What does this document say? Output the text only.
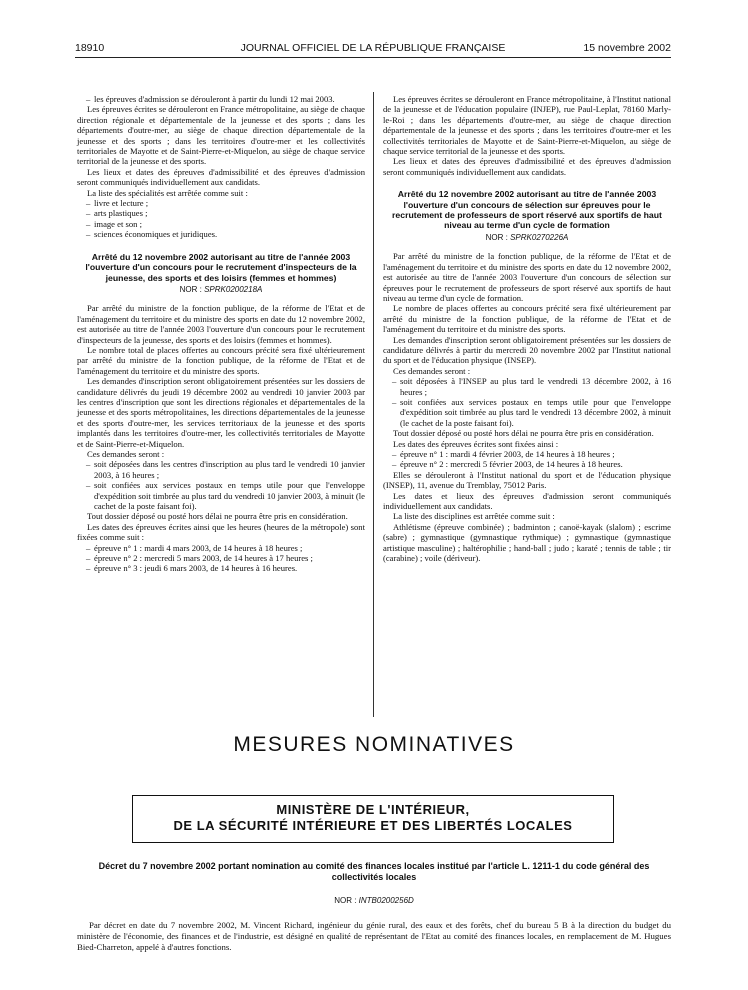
18910	JOURNAL OFFICIEL DE LA RÉPUBLIQUE FRANÇAISE	15 novembre 2002

– les épreuves d'admission se dérouleront à partir du lundi 12 mai 2003.

Les épreuves écrites se dérouleront en France métropolitaine, au siège de chaque direction régionale et départementale de la jeunesse et des sports ; dans les départements d'outre-mer, au siège de chaque direction départementale de la jeunesse et des sports ; dans les territoires d'outre-mer et les collectivités territoriales de Mayotte et de Saint-Pierre-et-Miquelon, au siège de chaque service territorial de la jeunesse et des sports.

Les lieux et dates des épreuves d'admissibilité et des épreuves d'admission seront communiqués individuellement aux candidats.

La liste des spécialités est arrêtée comme suit :

– livre et lecture ;

– arts plastiques ;

– image et son ;

– sciences économiques et juridiques.

Arrêté du 12 novembre 2002 autorisant au titre de l'année 2003 l'ouverture d'un concours pour le recrutement d'inspecteurs de la jeunesse, des sports et des loisirs (femmes et hommes)

NOR : SPRK0200218A

Par arrêté du ministre de la fonction publique, de la réforme de l'Etat et de l'aménagement du territoire et du ministre des sports en date du 12 novembre 2002, est autorisée au titre de l'année 2003 l'ouverture d'un concours pour le recrutement d'inspecteurs de la jeunesse, des sports et des loisirs (femmes et hommes).

Le nombre total de places offertes au concours précité sera fixé ultérieurement par arrêté du ministre de la fonction publique, de la réforme de l'Etat et de l'aménagement du territoire et du ministre des sports.

Les demandes d'inscription seront obligatoirement présentées sur les dossiers de candidature délivrés du jeudi 19 décembre 2002 au vendredi 10 janvier 2003 par les centres d'inscription que sont les directions régionales et départementales de la jeunesse et des sports métropolitaines, les directions départementales de la jeunesse et des sports d'outre-mer, les services territoriaux de la jeunesse et des sports implantés dans les territoires d'outre-mer, les collectivités territoriales de Mayotte et de Saint-Pierre-et-Miquelon.

Ces demandes seront :

– soit déposées dans les centres d'inscription au plus tard le vendredi 10 janvier 2003, à 16 heures ;

– soit confiées aux services postaux en temps utile pour que l'enveloppe d'expédition soit timbrée au plus tard du vendredi 10 janvier 2003, à minuit (le cachet de la poste faisant foi).

Tout dossier déposé ou posté hors délai ne pourra être pris en considération.

Les dates des épreuves écrites ainsi que les heures (heures de la métropole) sont fixées comme suit :

– épreuve n° 1 : mardi 4 mars 2003, de 14 heures à 18 heures ;

– épreuve n° 2 : mercredi 5 mars 2003, de 14 heures à 17 heures ;

– épreuve n° 3 : jeudi 6 mars 2003, de 14 heures à 16 heures.

Les épreuves écrites se dérouleront en France métropolitaine, à l'Institut national de la jeunesse et de l'éducation populaire (INJEP), rue Paul-Leplat, 78160 Marly-le-Roi ; dans les départements d'outre-mer, au siège de chaque direction départementale de la jeunesse et des sports ; dans les territoires d'outre-mer et les collectivités territoriales de Mayotte et de Saint-Pierre-et-Miquelon, au siège de chaque service territorial de la jeunesse et des sports.

Les lieux et dates des épreuves d'admissibilité et des épreuves d'admission seront communiqués individuellement aux candidats.

Arrêté du 12 novembre 2002 autorisant au titre de l'année 2003 l'ouverture d'un concours de sélection sur épreuves pour le recrutement de professeurs de sport réservé aux sportifs de haut niveau au terme d'un cycle de formation

NOR : SPRK0270226A

Par arrêté du ministre de la fonction publique, de la réforme de l'Etat et de l'aménagement du territoire et du ministre des sports en date du 12 novembre 2002, est autorisée au titre de l'année 2003 l'ouverture d'un concours de sélection sur épreuves pour le recrutement de professeurs de sport réservé aux sportifs de haut niveau au terme d'un cycle de formation.

Le nombre de places offertes au concours précité sera fixé ultérieurement par arrêté du ministre de la fonction publique, de la réforme de l'Etat et de l'aménagement du territoire et du ministre des sports.

Les demandes d'inscription seront obligatoirement présentées sur les dossiers de candidature délivrés à partir du mercredi 20 novembre 2002 par l'Institut national du sport et de l'éducation physique (INSEP).

Ces demandes seront :

– soit déposées à l'INSEP au plus tard le vendredi 13 décembre 2002, à 16 heures ;

– soit confiées aux services postaux en temps utile pour que l'enveloppe d'expédition soit timbrée au plus tard le vendredi 13 décembre 2002, à minuit (le cachet de la poste faisant foi).

Tout dossier déposé ou posté hors délai ne pourra être pris en considération.

Les dates des épreuves écrites sont fixées ainsi :

– épreuve n° 1 : mardi 4 février 2003, de 14 heures à 18 heures ;

– épreuve n° 2 : mercredi 5 février 2003, de 14 heures à 18 heures.

Elles se dérouleront à l'Institut national du sport et de l'éducation physique (INSEP), 11, avenue du Tremblay, 75012 Paris.

Les dates et lieux des épreuves d'admission seront communiqués individuellement aux candidats.

La liste des disciplines est arrêtée comme suit :

Athlétisme (épreuve combinée) ; badminton ; canoë-kayak (slalom) ; escrime (sabre) ; gymnastique (gymnastique rythmique) ; gymnastique (gymnastique artistique masculine) ; haltérophilie ; hand-ball ; judo ; karaté ; tennis de table ; tir (carabine) ; voile (dériveur).

MESURES NOMINATIVES
MINISTÈRE DE L'INTÉRIEUR,
DE LA SÉCURITÉ INTÉRIEURE ET DES LIBERTÉS LOCALES
Décret du 7 novembre 2002 portant nomination au comité des finances locales institué par l'article L. 1211-1 du code général des collectivités locales
NOR : INTB0200256D
Par décret en date du 7 novembre 2002, M. Vincent Richard, ingénieur du génie rural, des eaux et des forêts, chef du bureau 5 B à la direction du budget du ministère de l'économie, des finances et de l'industrie, est désigné en qualité de représentant de l'Etat au comité des finances locales, en remplacement de M. Hugues Bied-Charreton, appelé à d'autres fonctions.
